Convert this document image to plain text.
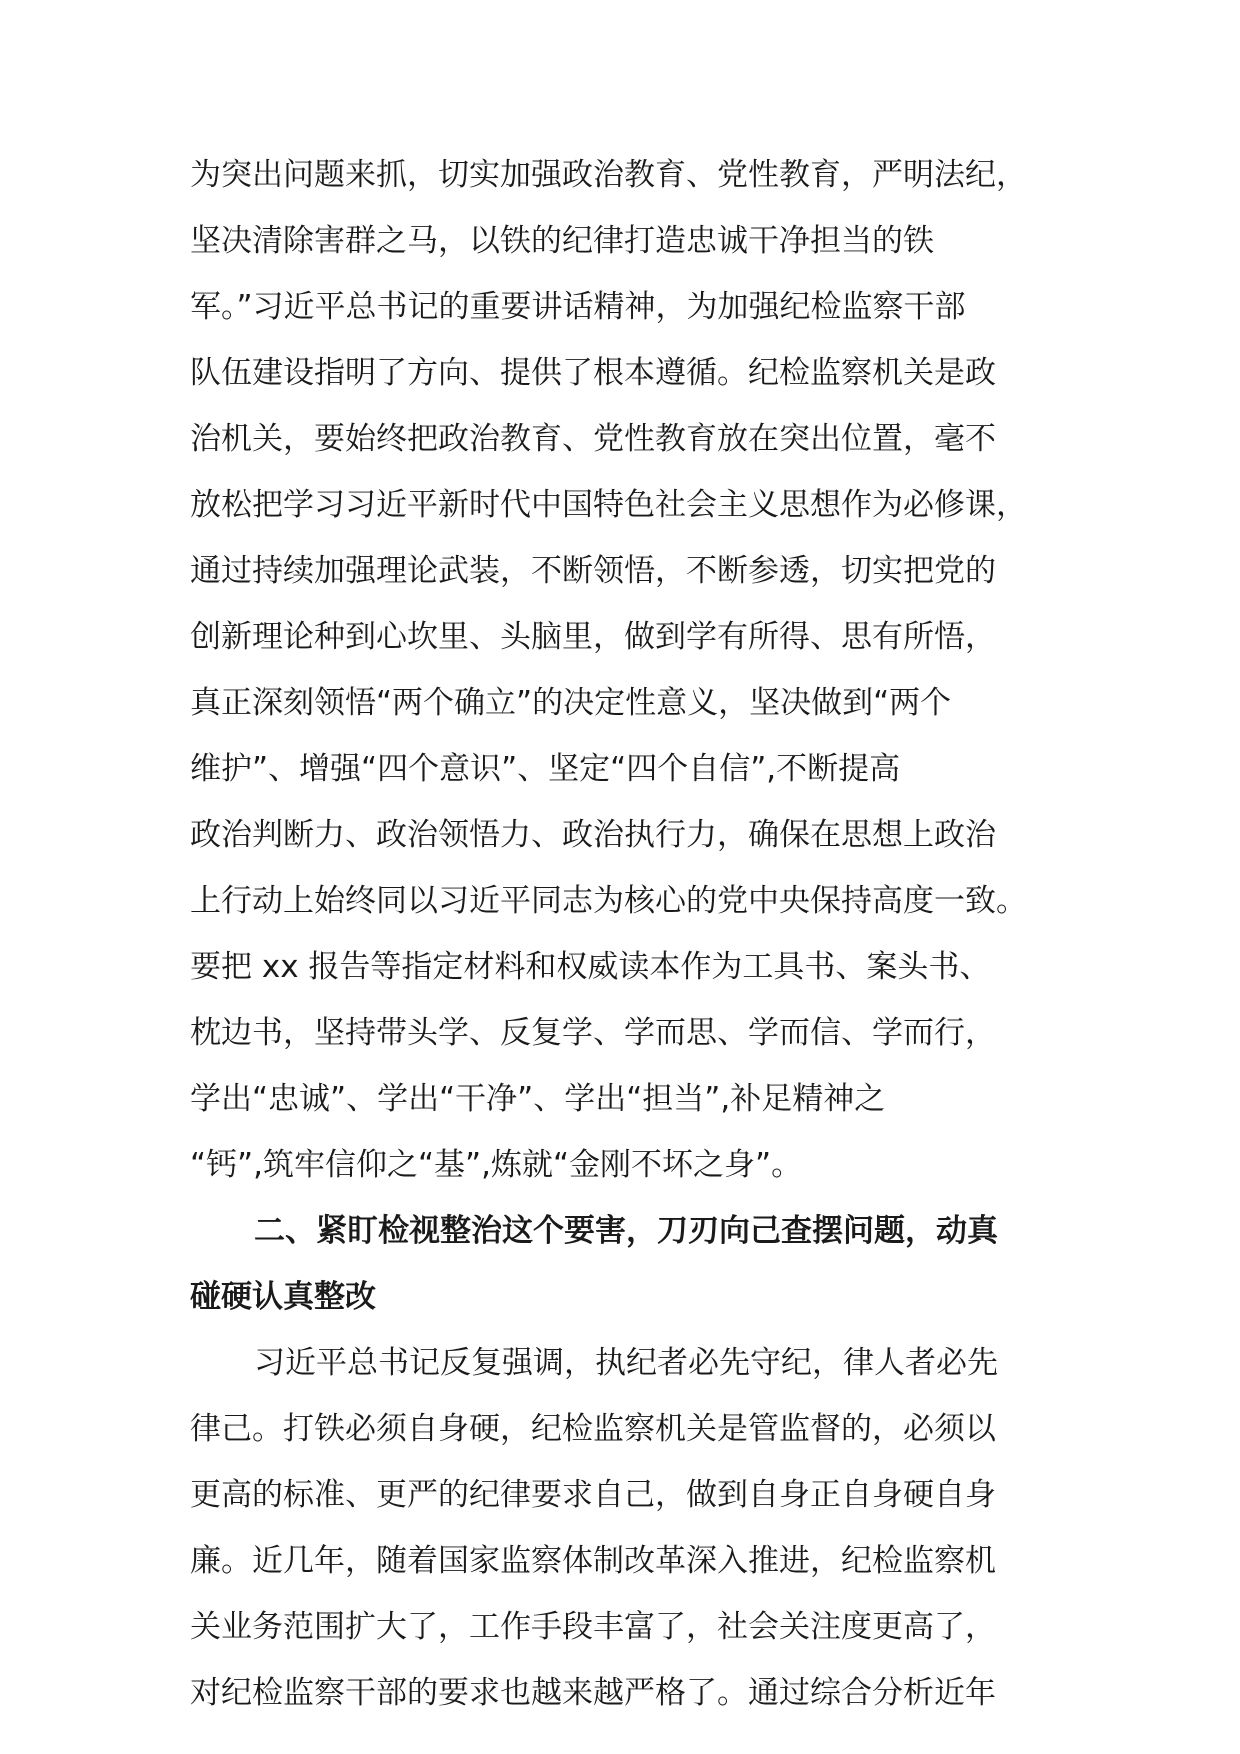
为突出问题来抓，切实加强政治教育、党性教育，严明法纪，
坚决清除害群之马，以铁的纪律打造忠诚干净担当的铁
军。”习近平总书记的重要讲话精神，为加强纪检监察干部
队伍建设指明了方向、提供了根本遵循。纪检监察机关是政
治机关，要始终把政治教育、党性教育放在突出位置，毫不
放松把学习习近平新时代中国特色社会主义思想作为必修课，
通过持续加强理论武装，不断领悟，不断参透，切实把党的
创新理论种到心坎里、头脑里，做到学有所得、思有所悟，
真正深刻领悟“两个确立”的决定性意义，坚决做到“两个
维护”、增强“四个意识”、坚定“四个自信”,不断提高
政治判断力、政治领悟力、政治执行力，确保在思想上政治
上行动上始终同以习近平同志为核心的党中央保持高度一致。
要把 xx 报告等指定材料和权威读本作为工具书、案头书、
枕边书，坚持带头学、反复学、学而思、学而信、学而行，
学出“忠诚”、学出“干净”、学出“担当”,补足精神之
“钙”,筑牢信仰之“基”,炼就“金刚不坏之身”。
二、紧盯检视整治这个要害，刀刃向己查摆问题，动真
碰硬认真整改
习近平总书记反复强调，执纪者必先守纪，律人者必先
律己。打铁必须自身硬，纪检监察机关是管监督的，必须以
更高的标准、更严的纪律要求自己，做到自身正自身硬自身
廉。近几年，随着国家监察体制改革深入推进，纪检监察机
关业务范围扩大了，工作手段丰富了，社会关注度更高了，
对纪检监察干部的要求也越来越严格了。通过综合分析近年
